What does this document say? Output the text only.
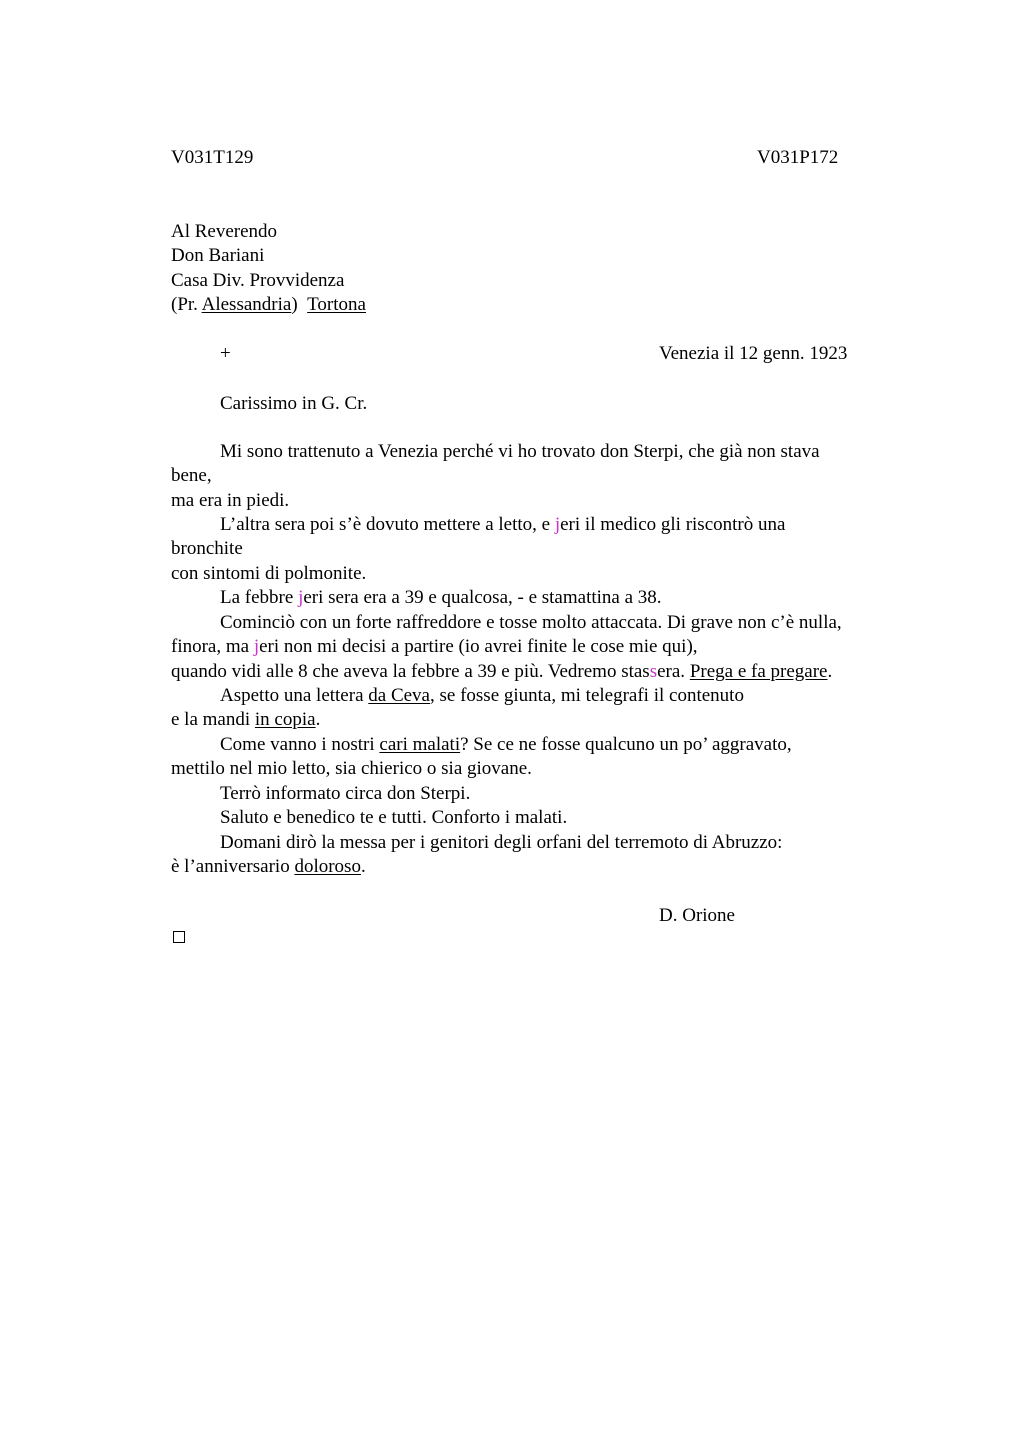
V031T129	V031P172
Al Reverendo
Don Bariani
Casa Div. Provvidenza
(Pr. Alessandria) Tortona
+	Venezia il 12 genn. 1923
Carissimo in G. Cr.
Mi sono trattenuto a Venezia perché vi ho trovato don Sterpi, che già non stava
bene,
ma era in piedi.
L’altra sera poi s’è dovuto mettere a letto, e jeri il medico gli riscontrò una
bronchite
con sintomi di polmonite.
La febbre jeri sera era a 39 e qualcosa, - e stamattina a 38.
Cominciò con un forte raffreddore e tosse molto attaccata. Di grave non c’è nulla,
finora, ma jeri non mi decisi a partire (io avrei finite le cose mie qui),
quando vidi alle 8 che aveva la febbre a 39 e più. Vedremo stassera. Prega e fa pregare.
Aspetto una lettera da Ceva, se fosse giunta, mi telegrafi il contenuto
e la mandi in copia.
Come vanno i nostri cari malati? Se ce ne fosse qualcuno un po’ aggravato,
mettilo nel mio letto, sia chierico o sia giovane.
Terrò informato circa don Sterpi.
Saluto e benedico te e tutti. Conforto i malati.
Domani dirò la messa per i genitori degli orfani del terremoto di Abruzzo:
è l’anniversario doloroso.
D. Orione
